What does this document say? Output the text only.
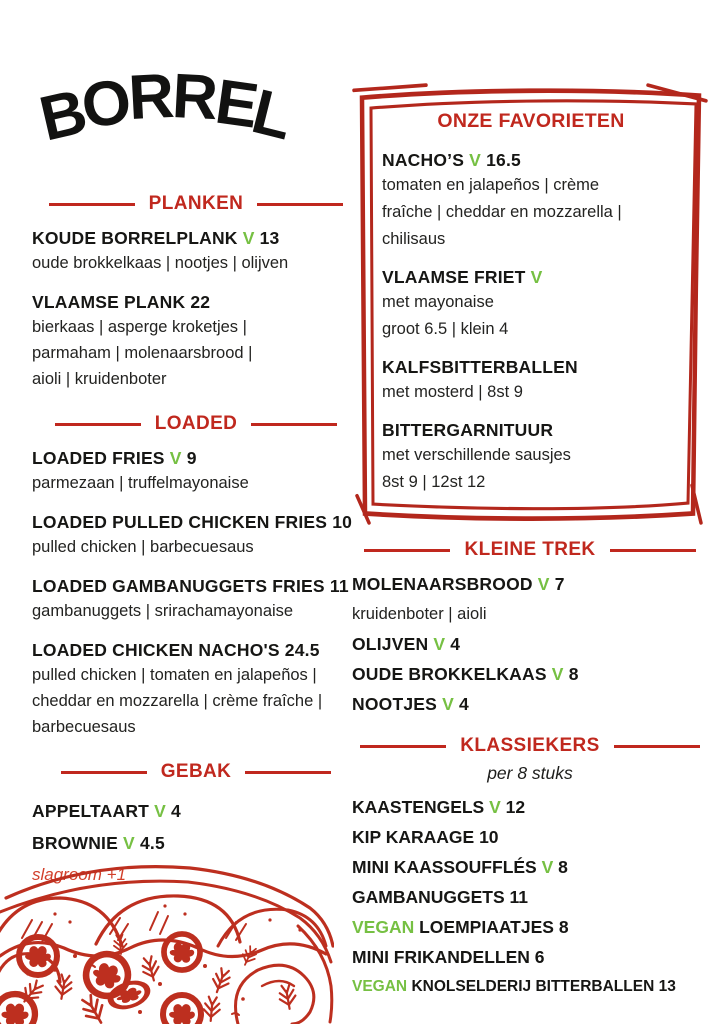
BORREL
PLANKEN
KOUDE BORRELPLANK V 13
oude brokkelkaas | nootjes | olijven
VLAAMSE PLANK 22
bierkaas | asperge kroketjes |
parmaham | molenaarsbrood |
aioli | kruidenboter
LOADED
LOADED FRIES V 9
parmezaan | truffelmayonaise
LOADED PULLED CHICKEN FRIES 10
pulled chicken | barbecuesaus
LOADED GAMBANUGGETS FRIES 11
gambanuggets | srirachamayonaise
LOADED CHICKEN NACHO'S 24.5
pulled chicken | tomaten en jalapeños |
cheddar en mozzarella | crème fraîche |
barbecuesaus
GEBAK
APPELTAART V 4
BROWNIE V 4.5
slagroom +1
ONZE FAVORIETEN
NACHO’S V 16.5
tomaten en jalapeños | crème
fraîche | cheddar en mozzarella |
chilisaus
VLAAMSE FRIET V
met mayonaise
groot 6.5 | klein 4
KALFSBITTERBALLEN
met mosterd | 8st 9
BITTERGARNITUUR
met verschillende sausjes
8st 9 | 12st 12
KLEINE TREK
MOLENAARSBROOD V 7
kruidenboter | aioli
OLIJVEN V 4
OUDE BROKKELKAAS V 8
NOOTJES V 4
KLASSIEKERS
per 8 stuks
KAASTENGELS V 12
KIP KARAAGE 10
MINI KAASSOUFFLÉS V 8
GAMBANUGGETS 11
VEGAN LOEMPIAATJES 8
MINI FRIKANDELLEN 6
VEGAN KNOLSELDERIJ BITTERBALLEN 13
